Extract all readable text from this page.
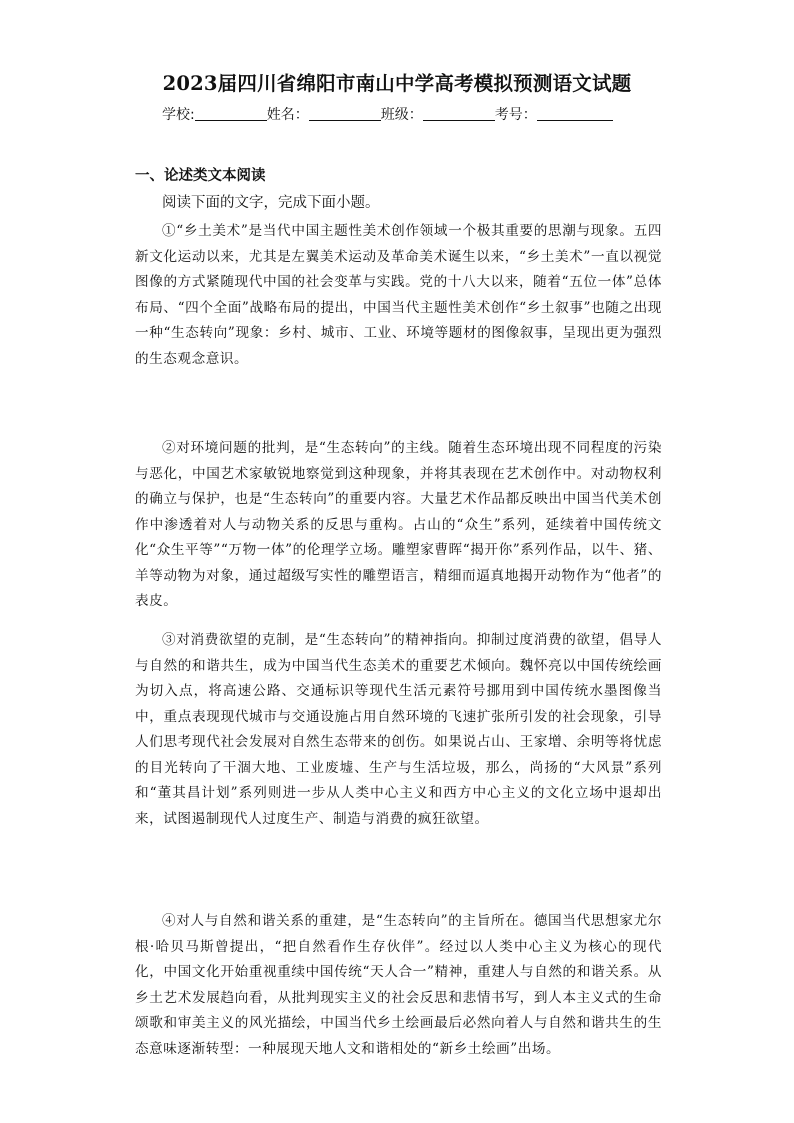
2023届四川省绵阳市南山中学高考模拟预测语文试题
学校:	姓名：	班级：	考号：
一、论述类文本阅读
阅读下面的文字，完成下面小题。

①“乡土美术”是当代中国主题性美术创作领域一个极其重要的思潮与现象。五四新文化运动以来，尤其是左翼美术运动及革命美术诞生以来，“乡土美术”一直以视觉图像的方式紧随现代中国的社会变革与实践。党的十八大以来，随着“五位一体”总体布局、“四个全面”战略布局的提出，中国当代主题性美术创作“乡土叙事”也随之出现一种“生态转向”现象：乡村、城市、工业、环境等题材的图像叙事，呈现出更为强烈的生态观念意识。

②对环境问题的批判，是“生态转向”的主线。随着生态环境出现不同程度的污染与恶化，中国艺术家敏锐地察觉到这种现象，并将其表现在艺术创作中。对动物权利的确立与保护，也是“生态转向”的重要内容。大量艺术作品都反映出中国当代美术创作中渗透着对人与动物关系的反思与重构。占山的“众生”系列，延续着中国传统文化“众生平等”“万物一体”的伦理学立场。雕塑家曹晖“揭开你”系列作品，以牛、猪、羊等动物为对象，通过超级写实性的雕塑语言，精细而逼真地揭开动物作为“他者”的表皮。

③对消费欲望的克制，是“生态转向”的精神指向。抑制过度消费的欲望，倡导人与自然的和谐共生，成为中国当代生态美术的重要艺术倾向。魏怀亮以中国传统绘画为切入点，将高速公路、交通标识等现代生活元素符号挪用到中国传统水墨图像当中，重点表现现代城市与交通设施占用自然环境的飞速扩张所引发的社会现象，引导人们思考现代社会发展对自然生态带来的创伤。如果说占山、王家增、余明等将忧虑的目光转向了干涸大地、工业废墟、生产与生活垃圾，那么，尚扬的“大风景”系列和“董其昌计划”系列则进一步从人类中心主义和西方中心主义的文化立场中退却出来，试图遏制现代人过度生产、制造与消费的疯狂欲望。

④对人与自然和谐关系的重建，是“生态转向”的主旨所在。德国当代思想家尤尔根·哈贝马斯曾提出，“把自然看作生存伙伴”。经过以人类中心主义为核心的现代化，中国文化开始重视重续中国传统“天人合一”精神，重建人与自然的和谐关系。从乡土艺术发展趋向看，从批判现实主义的社会反思和悲情书写，到人本主义式的生命颂歌和审美主义的风光描绘，中国当代乡土绘画最后必然向着人与自然和谐共生的生态意味逐渐转型：一种展现天地人文和谐相处的“新乡土绘画”出场。
